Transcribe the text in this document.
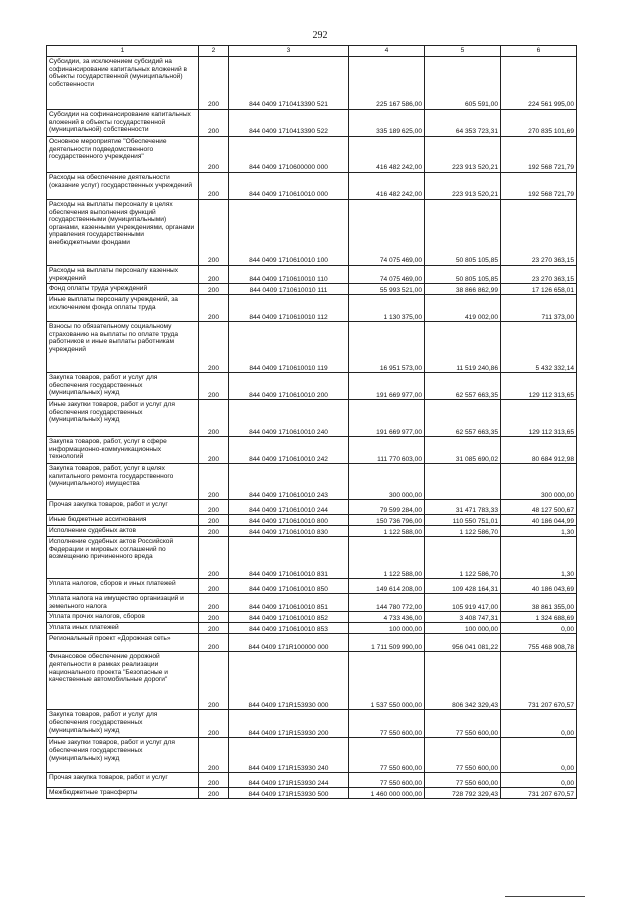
292
1	2	3	4	5	6
Субсидии, за исключением субсидий на софинансирование капитальных вложений в объекты государственной (муниципальной) собственности	200	844 0409 1710413390 521	225 167 586,00	605 591,00	224 561 995,00
Субсидии на софинансирование капитальных вложений в объекты государственной (муниципальной) собственности	200	844 0409 1710413390 522	335 189 625,00	64 353 723,31	270 835 101,69
Основное мероприятие "Обеспечение деятельности подведомственного государственного учреждения"	200	844 0409 1710600000 000	416 482 242,00	223 913 520,21	192 568 721,79
Расходы на обеспечение деятельности (оказание услуг) государственных учреждений	200	844 0409 1710610010 000	416 482 242,00	223 913 520,21	192 568 721,79
Расходы на выплаты персоналу в целях обеспечения выполнения функций государственными (муниципальными) органами, казенными учреждениями, органами управления государственными внебюджетными фондами	200	844 0409 1710610010 100	74 075 469,00	50 805 105,85	23 270 363,15
Расходы на выплаты персоналу казенных учреждений	200	844 0409 1710610010 110	74 075 469,00	50 805 105,85	23 270 363,15
Фонд оплаты труда учреждений	200	844 0409 1710610010 111	55 993 521,00	38 866 862,99	17 126 658,01
Иные выплаты персоналу учреждений, за исключением фонда оплаты труда	200	844 0409 1710610010 112	1 130 375,00	419 002,00	711 373,00
Взносы по обязательному социальному страхованию на выплаты по оплате труда работников и иные выплаты работникам учреждений	200	844 0409 1710610010 119	16 951 573,00	11 519 240,86	5 432 332,14
Закупка товаров, работ и услуг для обеспечения государственных (муниципальных) нужд	200	844 0409 1710610010 200	191 669 977,00	62 557 663,35	129 112 313,65
Иные закупки товаров, работ и услуг для обеспечения государственных (муниципальных) нужд	200	844 0409 1710610010 240	191 669 977,00	62 557 663,35	129 112 313,65
Закупка товаров, работ, услуг в сфере информационно-коммуникационных технологий	200	844 0409 1710610010 242	111 770 603,00	31 085 690,02	80 684 912,98
Закупка товаров, работ, услуг в целях капитального ремонта государственного (муниципального) имущества	200	844 0409 1710610010 243	300 000,00		300 000,00
Прочая закупка товаров, работ и услуг	200	844 0409 1710610010 244	79 599 284,00	31 471 783,33	48 127 500,67
Иные бюджетные ассигнования	200	844 0409 1710610010 800	150 736 796,00	110 550 751,01	40 186 044,99
Исполнение судебных актов	200	844 0409 1710610010 830	1 122 588,00	1 122 586,70	1,30
Исполнение судебных актов Российской Федерации и мировых соглашений по возмещению причиненного вреда	200	844 0409 1710610010 831	1 122 588,00	1 122 586,70	1,30
Уплата налогов, сборов и иных платежей	200	844 0409 1710610010 850	149 614 208,00	109 428 164,31	40 186 043,69
Уплата налога на имущество организаций и земельного налога	200	844 0409 1710610010 851	144 780 772,00	105 919 417,00	38 861 355,00
Уплата прочих налогов, сборов	200	844 0409 1710610010 852	4 733 436,00	3 408 747,31	1 324 688,69
Уплата иных платежей	200	844 0409 1710610010 853	100 000,00	100 000,00	0,00
Региональный проект «Дорожная сеть»	200	844 0409 171R100000 000	1 711 509 990,00	956 041 081,22	755 468 908,78
Финансовое обеспечение дорожной деятельности в рамках реализации национального проекта "Безопасные и качественные автомобильные дороги"	200	844 0409 171R153930 000	1 537 550 000,00	806 342 329,43	731 207 670,57
Закупка товаров, работ и услуг для обеспечения государственных (муниципальных) нужд	200	844 0409 171R153930 200	77 550 600,00	77 550 600,00	0,00
Иные закупки товаров, работ и услуг для обеспечения государственных (муниципальных) нужд	200	844 0409 171R153930 240	77 550 600,00	77 550 600,00	0,00
Прочая закупка товаров, работ и услуг	200	844 0409 171R153930 244	77 550 600,00	77 550 600,00	0,00
Межбюджетные трансферты	200	844 0409 171R153930 500	1 460 000 000,00	728 792 329,43	731 207 670,57
